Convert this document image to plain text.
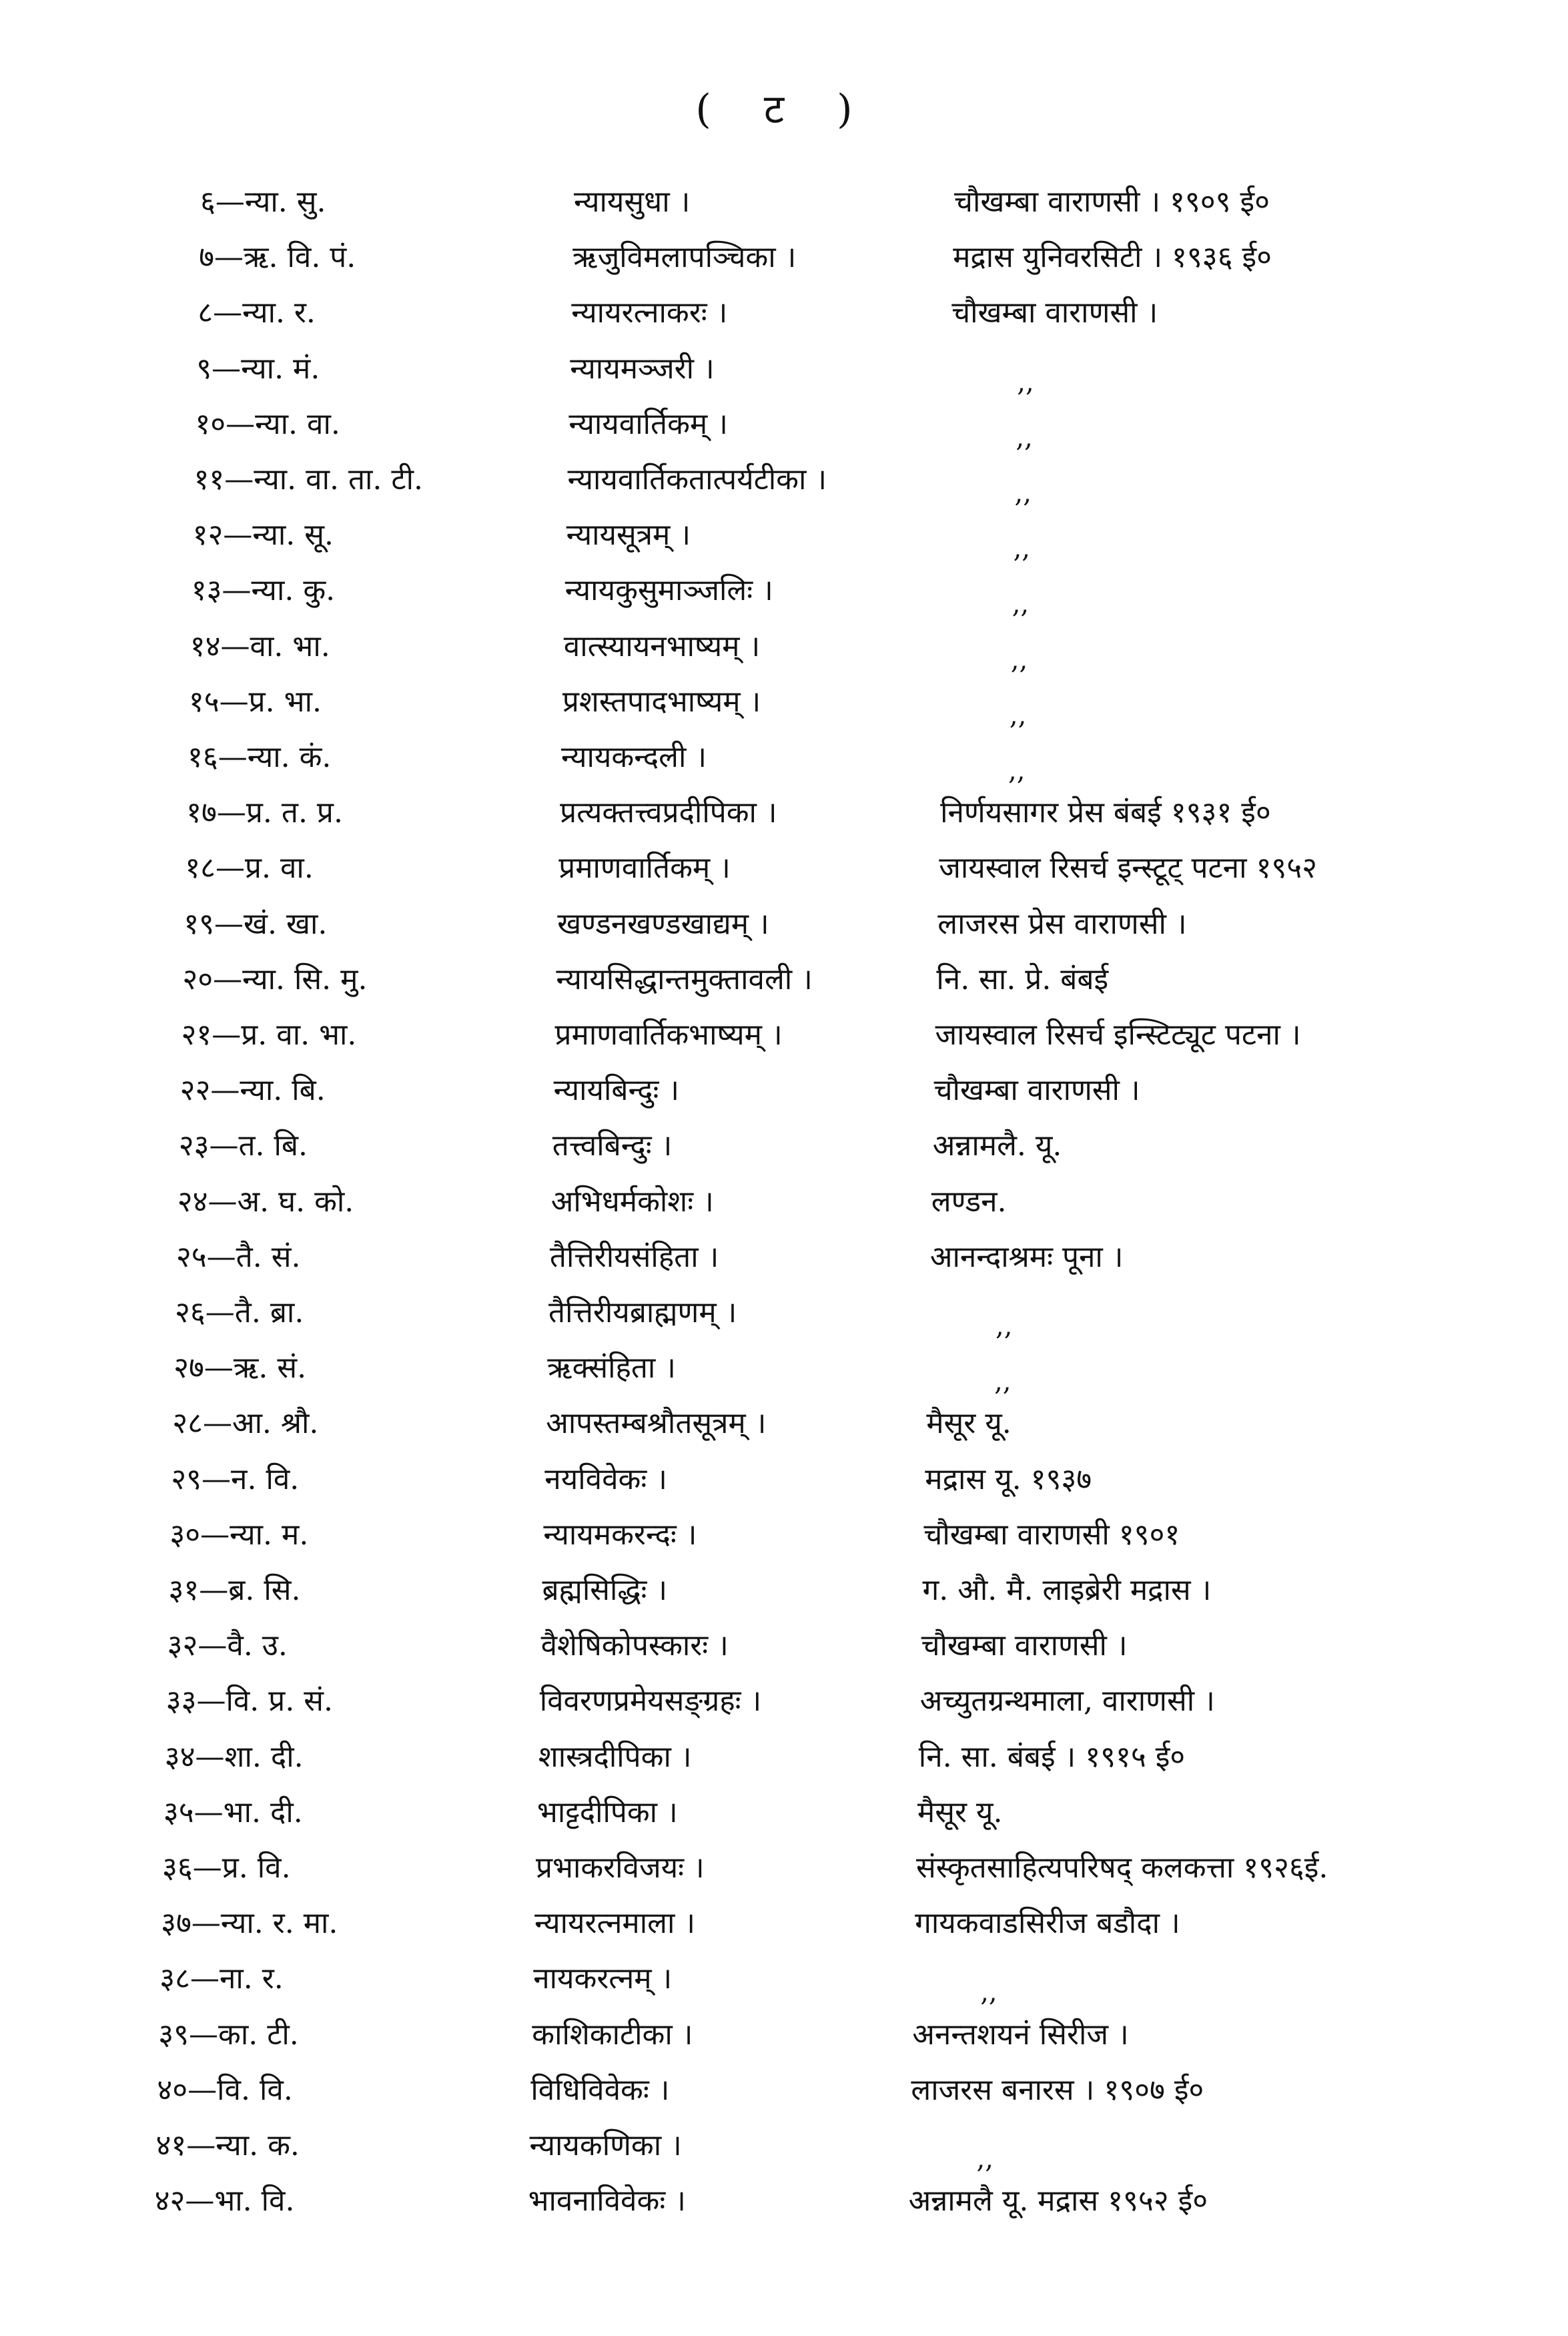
( ट )
६—न्या. सु.	न्यायसुधा ।	चौखम्बा वाराणसी । १९०९ ई०
७—ऋ. वि. पं.	ऋजुविमलापञ्चिका ।	मद्रास युनिवरसिटी । १९३६ ई०
८—न्या. र.	न्यायरत्नाकरः ।	चौखम्बा वाराणसी ।
९—न्या. मं.	न्यायमञ्जरी ।	,,
१०—न्या. वा.	न्यायवार्तिकम् ।	,,
११—न्या. वा. ता. टी.	न्यायवार्तिकतात्पर्यटीका ।	,,
१२—न्या. सू.	न्यायसूत्रम् ।	,,
१३—न्या. कु.	न्यायकुसुमाञ्जलिः ।	,,
१४—वा. भा.	वात्स्यायनभाष्यम् ।	,,
१५—प्र. भा.	प्रशस्तपादभाष्यम् ।	,,
१६—न्या. कं.	न्यायकन्दली ।	,,
१७—प्र. त. प्र.	प्रत्यक्तत्त्वप्रदीपिका ।	निर्णयसागर प्रेस बंबई १९३१ ई०
१८—प्र. वा.	प्रमाणवार्तिकम् ।	जायस्वाल रिसर्च इन्स्टूट् पटना १९५२
१९—खं. खा.	खण्डनखण्डखाद्यम् ।	लाजरस प्रेस वाराणसी ।
२०—न्या. सि. मु.	न्यायसिद्धान्तमुक्तावली ।	नि. सा. प्रे. बंबई
२१—प्र. वा. भा.	प्रमाणवार्तिकभाष्यम् ।	जायस्वाल रिसर्च इन्स्टिट्यूट पटना ।
२२—न्या. बि.	न्यायबिन्दुः ।	चौखम्बा वाराणसी ।
२३—त. बि.	तत्त्वबिन्दुः ।	अन्नामलै. यू.
२४—अ. घ. को.	अभिधर्मकोशः ।	लण्डन.
२५—तै. सं.	तैत्तिरीयसंहिता ।	आनन्दाश्रमः पूना ।
२६—तै. ब्रा.	तैत्तिरीयब्राह्मणम् ।	,,
२७—ऋ. सं.	ऋक्संहिता ।	,,
२८—आ. श्रौ.	आपस्तम्बश्रौतसूत्रम् ।	मैसूर यू.
२९—न. वि.	नयविवेकः ।	मद्रास यू. १९३७
३०—न्या. म.	न्यायमकरन्दः ।	चौखम्बा वाराणसी १९०१
३१—ब्र. सि.	ब्रह्मसिद्धिः ।	ग. औ. मै. लाइब्रेरी मद्रास ।
३२—वै. उ.	वैशेषिकोपस्कारः ।	चौखम्बा वाराणसी ।
३३—वि. प्र. सं.	विवरणप्रमेयसङ्ग्रहः ।	अच्युतग्रन्थमाला, वाराणसी ।
३४—शा. दी.	शास्त्रदीपिका ।	नि. सा. बंबई । १९१५ ई०
३५—भा. दी.	भाट्टदीपिका ।	मैसूर यू.
३६—प्र. वि.	प्रभाकरविजयः ।	संस्कृतसाहित्यपरिषद् कलकत्ता १९२६ई.
३७—न्या. र. मा.	न्यायरत्नमाला ।	गायकवाडसिरीज बडौदा ।
३८—ना. र.	नायकरत्नम् ।	,,
३९—का. टी.	काशिकाटीका ।	अनन्तशयनं सिरीज ।
४०—वि. वि.	विधिविवेकः ।	लाजरस बनारस । १९०७ ई०
४१—न्या. क.	न्यायकणिका ।	,,
४२—भा. वि.	भावनाविवेकः ।	अन्नामलै यू. मद्रास १९५२ ई०
